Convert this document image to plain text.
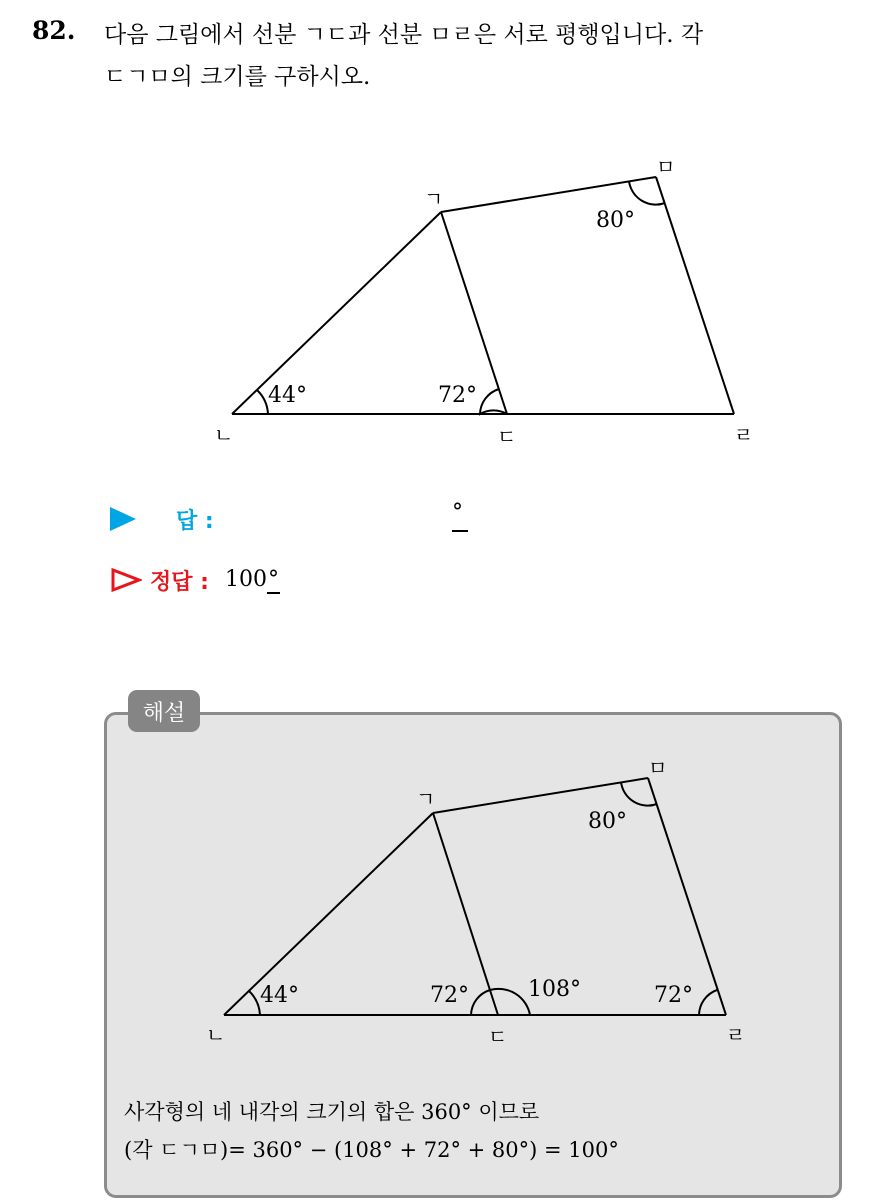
82. 다음 그림에서 선분 ㄱㄷ과 선분 ㅁㄹ은 서로 평행입니다. 각
ㄷㄱㅁ의 크기를 구하시오.
ㄱ
ㄴ	ㄷ	ㄹ
ㅁ
44°	72°
80°
답 :	°
정답 : 100°
해설
ㄱ
ㄴ	ㄷ	ㄹ
ㅁ
44°	72°	108°	72°
80°
사각형의 네 내각의 크기의 합은 360° 이므로
(각 ㄷㄱㅁ)= 360° − (108° + 72° + 80°) = 100°
